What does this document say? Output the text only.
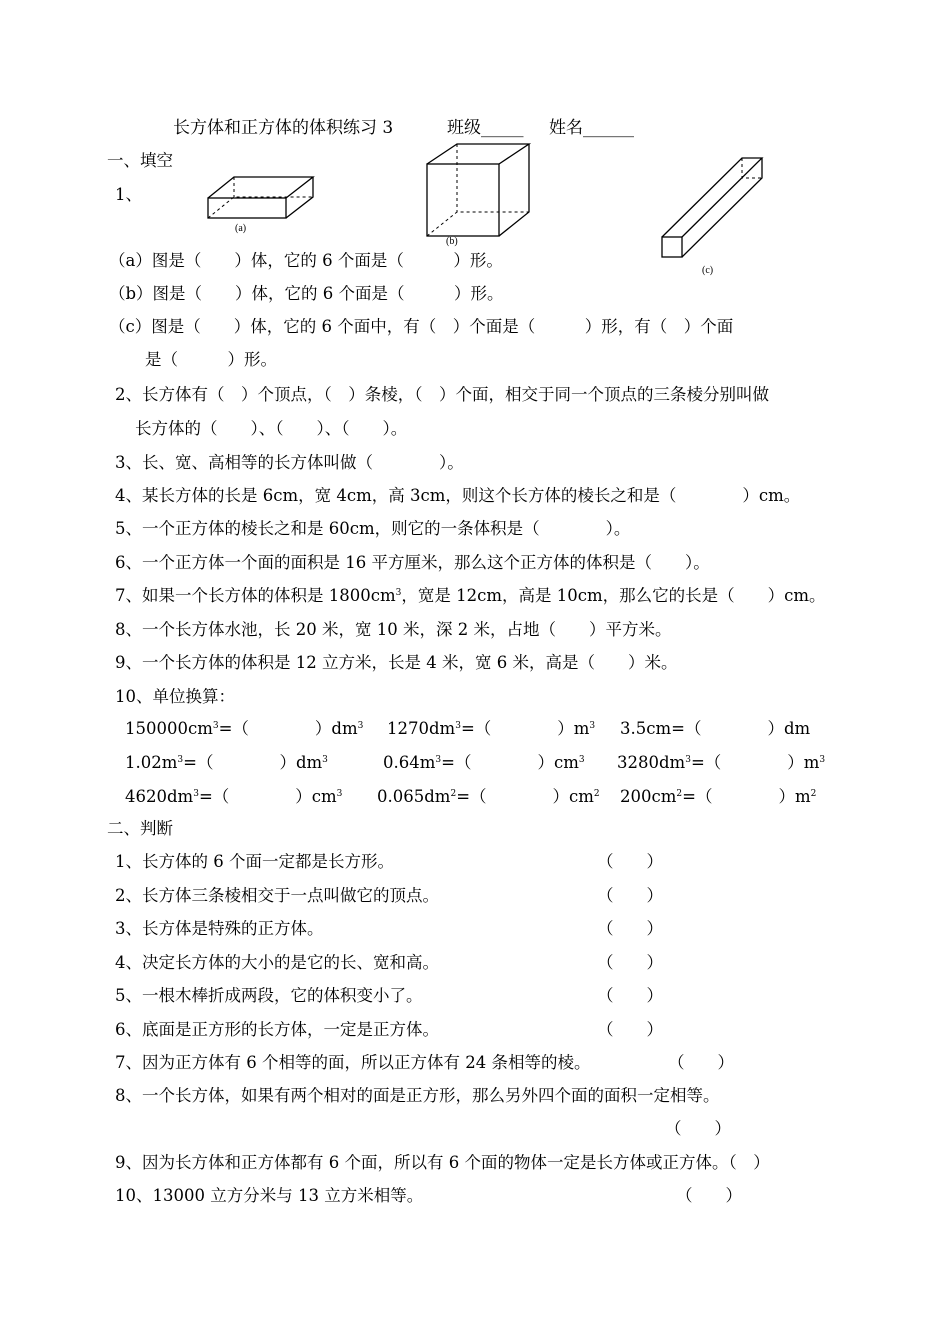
长方体和正方体的体积练习 3	班级_____ 姓名______
一、填空
1、
(a)
(b)
(c)
（a）图是（　　）体，它的 6 个面是（　　　）形。
（b）图是（　　）体，它的 6 个面是（　　　）形。
（c）图是（　　）体，它的 6 个面中，有（　）个面是（　　　）形，有（　）个面
是（　　　）形。
2、长方体有（　）个顶点，（　）条棱，（　）个面，相交于同一个顶点的三条棱分别叫做
长方体的（　　）、（　　）、（　　）。
3、长、宽、高相等的长方体叫做（　　　　）。
4、某长方体的长是 6cm，宽 4cm，高 3cm，则这个长方体的棱长之和是（　　　　）cm。
5、一个正方体的棱长之和是 60cm，则它的一条体积是（　　　　）。
6、一个正方体一个面的面积是 16 平方厘米，那么这个正方体的体积是（　　）。
7、如果一个长方体的体积是 $1800cm^3$，宽是 12cm，高是 10cm，那么它的长是（　　）cm。
8、一个长方体水池，长 20 米，宽 10 米，深 2 米，占地（　　）平方米。
9、一个长方体的体积是 12 立方米，长是 4 米，宽 6 米，高是（　　）米。
10、单位换算：
$150000cm^3=$（　　　　）$dm^3$ $1270dm^3=$（　　　　）$m^3$ 3.5cm=（　　　　）dm
$1.02m^3=$（　　　　）$dm^3$	$0.64m^3=$（　　　　）$cm^3$ $3280dm^3=$（　　　　）$m^3$
$4620dm^3=$（　　　　）$cm^3$ $0.065dm^2=$（　　　　）$cm^2$ $200cm^2=$（　　　　）$m^2$
二、判断
1、长方体的 6 个面一定都是长方形。	（　　）
2、长方体三条棱相交于一点叫做它的顶点。	（　　）
3、长方体是特殊的正方体。	（　　）
4、决定长方体的大小的是它的长、宽和高。	（　　）
5、一根木棒折成两段，它的体积变小了。	（　　）
6、底面是正方形的长方体，一定是正方体。	（　　）
7、因为正方体有 6 个相等的面，所以正方体有 24 条相等的棱。	（　　）
8、一个长方体，如果有两个相对的面是正方形，那么另外四个面的面积一定相等。
（　　）
9、因为长方体和正方体都有 6 个面，所以有 6 个面的物体一定是长方体或正方体。（　）
10、13000 立方分米与 13 立方米相等。	（　　）
